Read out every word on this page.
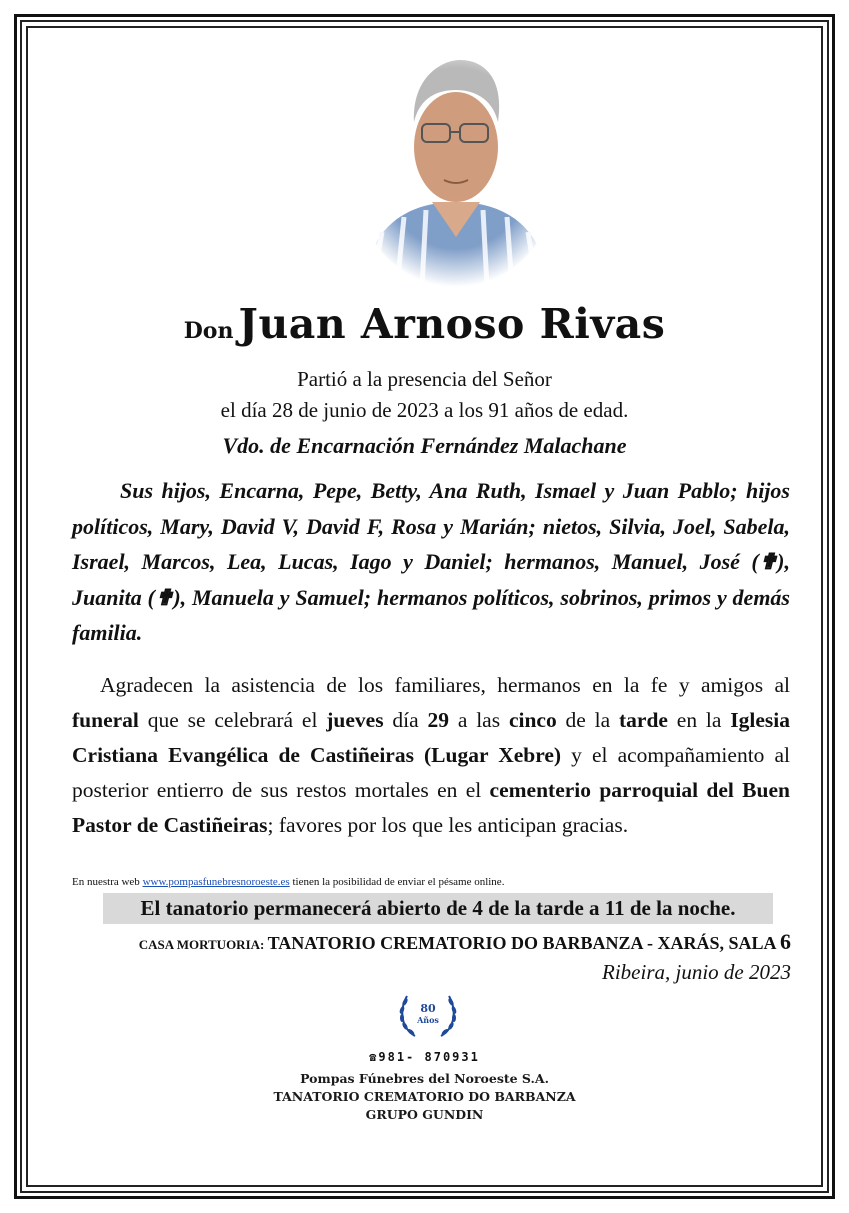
Don Juan Arnoso Rivas
Partió a la presencia del Señor
el día 28 de junio de 2023 a los 91 años de edad.
Vdo. de Encarnación Fernández Malachane
Sus hijos, Encarna, Pepe, Betty, Ana Ruth, Ismael y Juan Pablo; hijos políticos, Mary, David V, David F, Rosa y Marián; nietos, Silvia, Joel, Sabela, Israel, Marcos, Lea, Lucas, Iago y Daniel; hermanos, Manuel, José (✟), Juanita (✟), Manuela y Samuel; hermanos políticos, sobrinos, primos y demás familia.
Agradecen la asistencia de los familiares, hermanos en la fe y amigos al funeral que se celebrará el jueves día 29 a las cinco de la tarde en la Iglesia Cristiana Evangélica de Castiñeiras (Lugar Xebre) y el acompañamiento al posterior entierro de sus restos mortales en el cementerio parroquial del Buen Pastor de Castiñeiras; favores por los que les anticipan gracias.
En nuestra web www.pompasfunebresnoroeste.es tienen la posibilidad de enviar el pésame online.
El tanatorio permanecerá abierto de 4 de la tarde a 11 de la noche.
CASA MORTUORIA: TANATORIO CREMATORIO DO BARBANZA - XARÁS, SALA 6
Ribeira, junio de 2023
80
Años
☎981- 870931
Pompas Fúnebres del Noroeste S.A.
TANATORIO CREMATORIO DO BARBANZA
GRUPO GUNDIN
